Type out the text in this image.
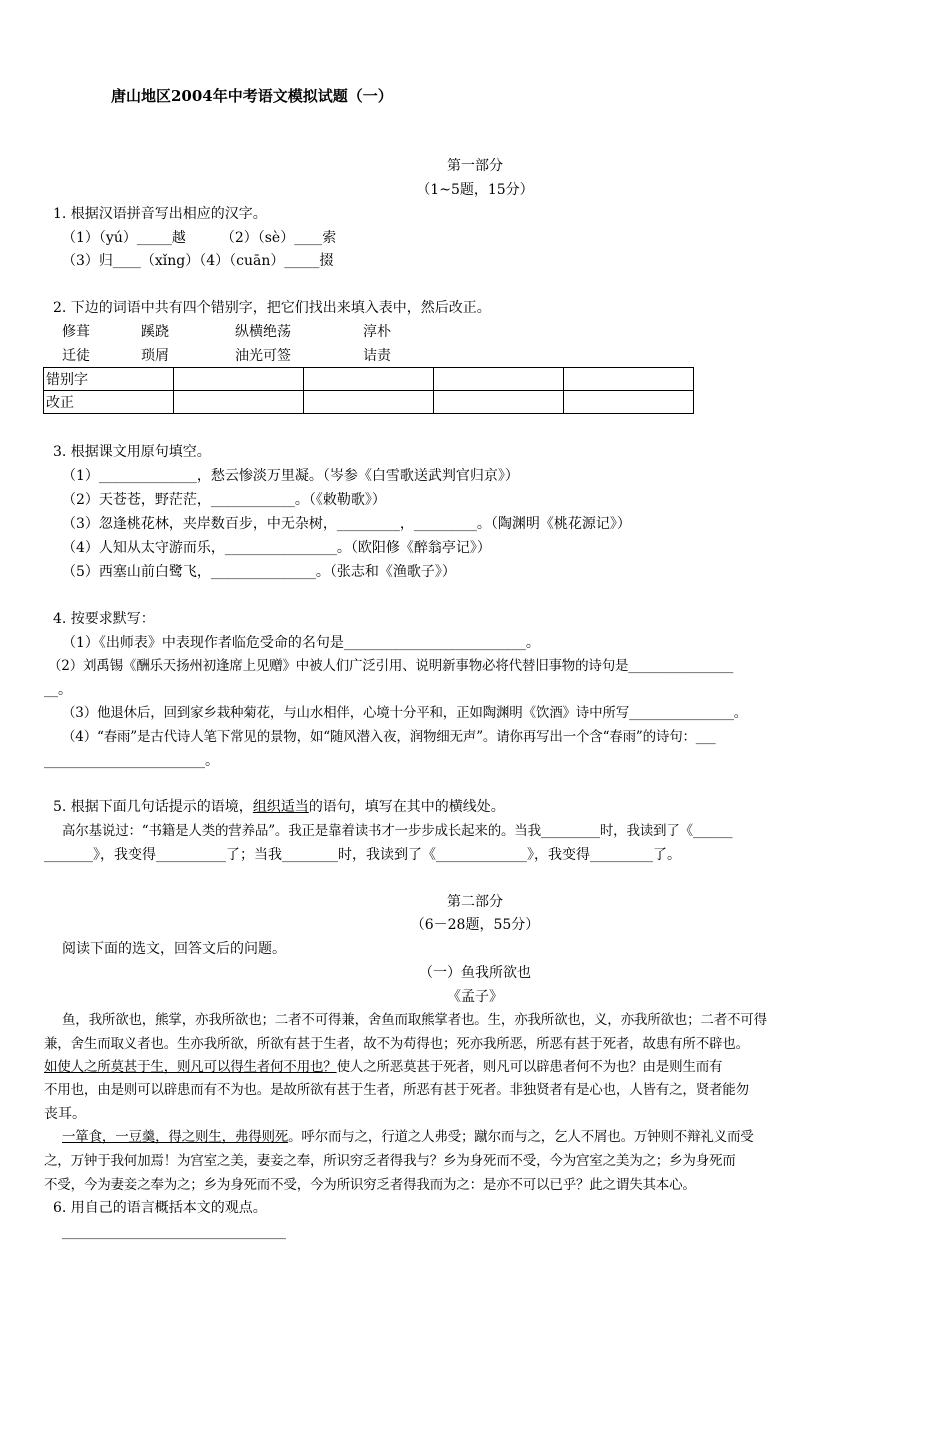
唐山地区2004年中考语文模拟试题（一）
第一部分
（1~5题，15分）
1. 根据汉语拼音写出相应的汉字。
（1）（yú）_____越　　　（2）（sè）____索
（3）归____（xǐng）（4）（cuān）_____掇
2. 下边的词语中共有四个错别字，把它们找出来填入表中，然后改正。
修葺	蹊跷	纵横绝荡	淳朴
迁徒	琐屑	油光可签	诘责
错别字				
改正				
3. 根据课文用原句填空。
（1）______________，愁云惨淡万里凝。（岑参《白雪歌送武判官归京》）
（2）天苍苍，野茫茫，____________。（《敕勒歌》）
（3）忽逢桃花林，夹岸数百步，中无杂树，_________，_________。（陶渊明《桃花源记》）
（4）人知从太守游而乐，________________。（欧阳修《醉翁亭记》）
（5）西塞山前白鹭飞，_______________。（张志和《渔歌子》）
4. 按要求默写：
（1）《出师表》中表现作者临危受命的名句是__________________________。
（2）刘禹锡《酬乐天扬州初逢席上见赠》中被人们广泛引用、说明新事物必将代替旧事物的诗句是________________
__。
（3）他退休后，回到家乡栽种菊花，与山水相伴，心境十分平和，正如陶渊明《饮酒》诗中所写________________。
（4）“春雨”是古代诗人笔下常见的景物，如“随风潜入夜，润物细无声”。请你再写出一个含“春雨”的诗句：___
_______________________。
5. 根据下面几句话提示的语境，组织适当的语句，填写在其中的横线处。
高尔基说过：“书籍是人类的营养品”。我正是靠着读书才一步步成长起来的。当我_________时，我读到了《______
_______》，我变得__________了；当我________时，我读到了《_____________》，我变得_________了。
第二部分
（6－28题，55分）
阅读下面的选文，回答文后的问题。
（一）鱼我所欲也
《孟子》
鱼，我所欲也，熊掌，亦我所欲也；二者不可得兼，舍鱼而取熊掌者也。生，亦我所欲也，义，亦我所欲也；二者不可得
兼，舍生而取义者也。生亦我所欲，所欲有甚于生者，故不为苟得也；死亦我所恶，所恶有甚于死者，故患有所不辟也。
如使人之所莫甚于生，则凡可以得生者何不用也？使人之所恶莫甚于死者，则凡可以辟患者何不为也？由是则生而有
不用也，由是则可以辟患而有不为也。是故所欲有甚于生者，所恶有甚于死者。非独贤者有是心也，人皆有之，贤者能勿
丧耳。
一箪食，一豆羹，得之则生，弗得则死。呼尔而与之，行道之人弗受；蹴尔而与之，乞人不屑也。万钟则不辩礼义而受
之，万钟于我何加焉！为宫室之美，妻妾之奉，所识穷乏者得我与？乡为身死而不受，今为宫室之美为之；乡为身死而
不受，今为妻妾之奉为之；乡为身死而不受，今为所识穷乏者得我而为之：是亦不可以已乎？此之谓失其本心。
6. 用自己的语言概括本文的观点。
________________________________
